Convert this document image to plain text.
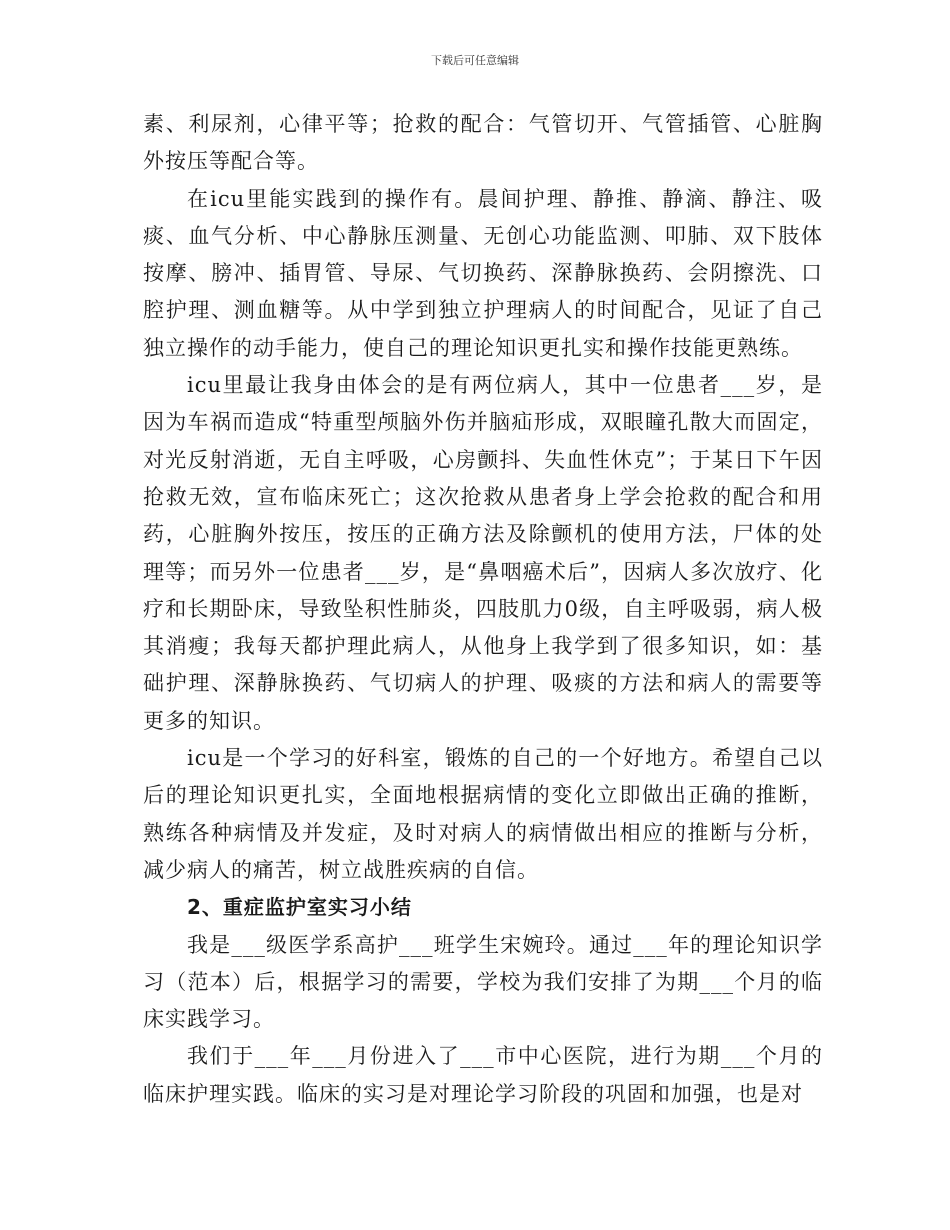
下载后可任意编辑

素、利尿剂，心律平等；抢救的配合：气管切开、气管插管、心脏胸外按压等配合等。

在icu里能实践到的操作有。晨间护理、静推、静滴、静注、吸痰、血气分析、中心静脉压测量、无创心功能监测、叩肺、双下肢体按摩、膀冲、插胃管、导尿、气切换药、深静脉换药、会阴擦洗、口腔护理、测血糖等。从中学到独立护理病人的时间配合，见证了自己独立操作的动手能力，使自己的理论知识更扎实和操作技能更熟练。

icu里最让我身由体会的是有两位病人，其中一位患者___岁，是因为车祸而造成“特重型颅脑外伤并脑疝形成，双眼瞳孔散大而固定，对光反射消逝，无自主呼吸，心房颤抖、失血性休克”；于某日下午因抢救无效，宣布临床死亡；这次抢救从患者身上学会抢救的配合和用药，心脏胸外按压，按压的正确方法及除颤机的使用方法，尸体的处理等；而另外一位患者___岁，是“鼻咽癌术后”，因病人多次放疗、化疗和长期卧床，导致坠积性肺炎，四肢肌力0级，自主呼吸弱，病人极其消瘦；我每天都护理此病人，从他身上我学到了很多知识，如：基础护理、深静脉换药、气切病人的护理、吸痰的方法和病人的需要等更多的知识。

icu是一个学习的好科室，锻炼的自己的一个好地方。希望自己以后的理论知识更扎实，全面地根据病情的变化立即做出正确的推断，熟练各种病情及并发症，及时对病人的病情做出相应的推断与分析，减少病人的痛苦，树立战胜疾病的自信。

2、重症监护室实习小结

我是___级医学系高护___班学生宋婉玲。通过___年的理论知识学习（范本）后，根据学习的需要，学校为我们安排了为期___个月的临床实践学习。

我们于___年___月份进入了___市中心医院，进行为期___个月的临床护理实践。临床的实习是对理论学习阶段的巩固和加强，也是对
